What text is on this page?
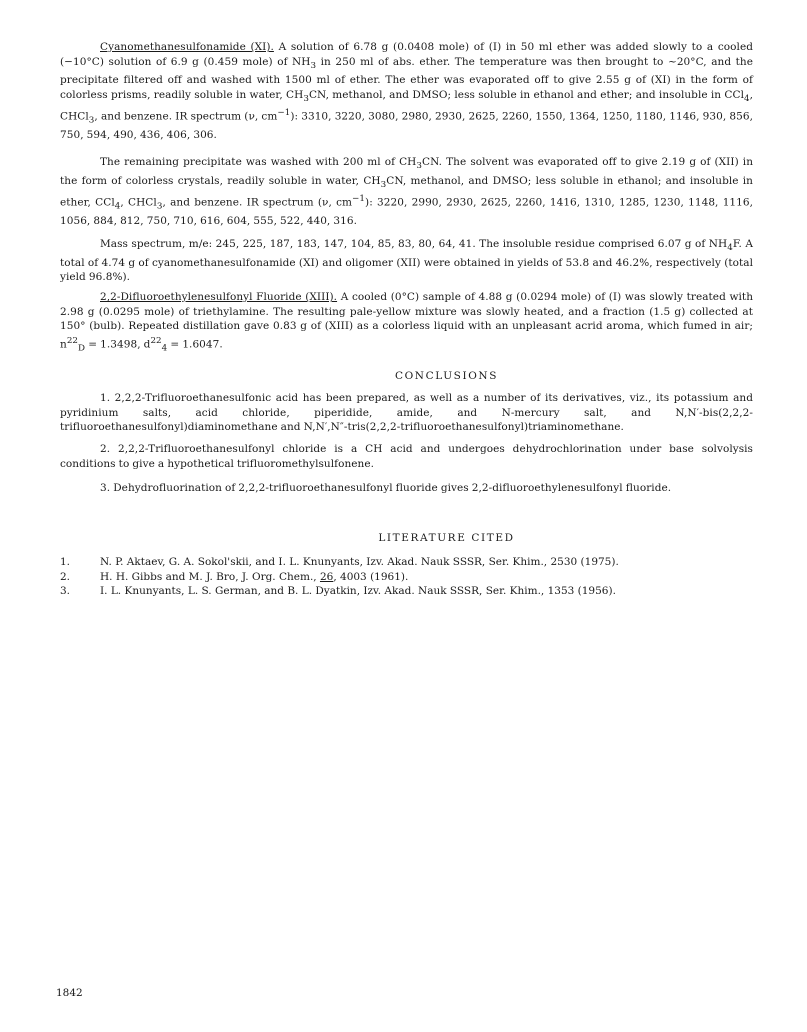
Cyanomethanesulfonamide (XI). A solution of 6.78 g (0.0408 mole) of (I) in 50 ml ether was added slowly to a cooled (−10°C) solution of 6.9 g (0.459 mole) of $NH_3$ in 250 ml of abs. ether. The temperature was then brought to ~20°C, and the precipitate filtered off and washed with 1500 ml of ether. The ether was evaporated off to give 2.55 g of (XI) in the form of colorless prisms, readily soluble in water, $CH_3CN$, methanol, and DMSO; less soluble in ethanol and ether; and insoluble in CCl$_4$, CHCl$_3$, and benzene. IR spectrum (ν, $cm^{-1}$): 3310, 3220, 3080, 2980, 2930, 2625, 2260, 1550, 1364, 1250, 1180, 1146, 930, 856, 750, 594, 490, 436, 406, 306.

The remaining precipitate was washed with 200 ml of $CH_3CN$. The solvent was evaporated off to give 2.19 g of (XII) in the form of colorless crystals, readily soluble in water, $CH_3CN$, methanol, and DMSO; less soluble in ethanol; and insoluble in ether, CCl$_4$, CHCl$_3$, and benzene. IR spectrum (ν, $cm^{-1}$): 3220, 2990, 2930, 2625, 2260, 1416, 1310, 1285, 1230, 1148, 1116, 1056, 884, 812, 750, 710, 616, 604, 555, 522, 440, 316.

Mass spectrum, m/e: 245, 225, 187, 183, 147, 104, 85, 83, 80, 64, 41. The insoluble residue comprised 6.07 g of $NH_4F$. A total of 4.74 g of cyanomethanesulfonamide (XI) and oligomer (XII) were obtained in yields of 53.8 and 46.2%, respectively (total yield 96.8%).

2,2-Difluoroethylenesulfonyl Fluoride (XIII). A cooled (0°C) sample of 4.88 g (0.0294 mole) of (I) was slowly treated with 2.98 g (0.0295 mole) of triethylamine. The resulting pale-yellow mixture was slowly heated, and a fraction (1.5 g) collected at 150° (bulb). Repeated distillation gave 0.83 g of (XIII) as a colorless liquid with an unpleasant acrid aroma, which fumed in air; $n^{22}_D = 1.3498$, $d^{22}_4 = 1.6047$.

CONCLUSIONS

1. 2,2,2-Trifluoroethanesulfonic acid has been prepared, as well as a number of its derivatives, viz., its potassium and pyridinium salts, acid chloride, piperidide, amide, and N-mercury salt, and N,N′-bis(2,2,2-trifluoroethanesulfonyl)diaminomethane and N,N′,N″-tris(2,2,2-trifluoroethanesulfonyl)triaminomethane.

2. 2,2,2-Trifluoroethanesulfonyl chloride is a CH acid and undergoes dehydrochlorination under base solvolysis conditions to give a hypothetical trifluoromethylsulfonene.

3. Dehydrofluorination of 2,2,2-trifluoroethanesulfonyl fluoride gives 2,2-difluoroethylenesulfonyl fluoride.

LITERATURE CITED

1.	N. P. Aktaev, G. A. Sokol'skii, and I. L. Knunyants, Izv. Akad. Nauk SSSR, Ser. Khim., 2530 (1975).
2.	H. H. Gibbs and M. J. Bro, J. Org. Chem., 26, 4003 (1961).
3.	I. L. Knunyants, L. S. German, and B. L. Dyatkin, Izv. Akad. Nauk SSSR, Ser. Khim., 1353 (1956).
1842
